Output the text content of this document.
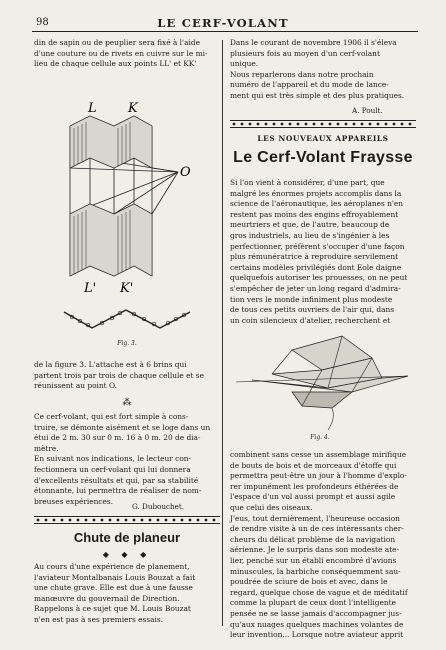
98	LE CERF-VOLANT
din de sapin ou de peuplier sera fixé à l'aide
d'une couture ou de rivets en cuivre sur le mi-
lieu de chaque cellule aux points LL' et KK'
L K
O
L' K'
Fig. 3.
de la figure 3. L'attache est à 6 brins qui
partent trois par trois de chaque cellule et se
réunissent au point O.
⁂
Ce cerf-volant, qui est fort simple à cons-
truire, se démonte aisément et se loge dans un
étui de 2 m. 30 sur 0 m. 16 à 0 m. 20 de dia-
mètre.
En suivant nos indications, le lecteur con-
fectionnera un cerf-volant qui lui donnera
d'excellents résultats et qui, par sa stabilité
étonnante, lui permettra de réaliser de nom-
breuses expériences.
G. Dubouchet.
Chute de planeur
◆ ◆ ◆
Au cours d'une expérience de planement,
l'aviateur Montalbanais Louis Bouzat a fait
une chute grave. Elle est due à une fausse
manœuvre du gouvernail de Direction.
Rappelons à ce sujet que M. Louis Bouzat
n'en est pas à ses premiers essais.
Dans le courant de novembre 1906 il s'éleva
plusieurs fois au moyen d'un cerf-volant
unique.
Nous reparlerons dans notre prochain
numéro de l'appareil et du mode de lance-
ment qui est très simple et des plus pratiques.
A. Poult.
LES NOUVEAUX APPAREILS
Le Cerf-Volant Fraysse
Si l'on vient à considérer, d'une part, que
malgré les énormes projets accomplis dans la
science de l'aéronautique, les aéroplanes n'en
restent pas moins des engins effroyablement
meurtriers et que, de l'autre, beaucoup de
gros industriels, au lieu de s'ingénier à les
perfectionner, préfèrent s'occuper d'une façon
plus rémunératrice à reproduire servilement
certains modèles privilégiés dont Eole daigne
quelquefois autoriser les prouesses, on ne peut
s'empêcher de jeter un long regard d'admira-
tion vers le monde infiniment plus modeste
de tous ces petits ouvriers de l'air qui, dans
un coin silencieux d'atelier, recherchent et
Fig. 4.
combinent sans cesse un assemblage mirifique
de bouts de bois et de morceaux d'étoffe qui
permettra peut-être un jour à l'homme d'explo-
rer impunément les profondeurs éthérées de
l'espace d'un vol aussi prompt et aussi agile
que celui des oiseaux.
J'eus, tout dernièrement, l'heureuse occasion
de rendre visite à un de ces intéressants cher-
cheurs du délicat problème de la navigation
aérienne. Je le surpris dans son modeste ate-
lier, penché sur un établi encombré d'avions
minuscules, la barbiche conséquemment sau-
poudrée de sciure de bois et avec, dans le
regard, quelque chose de vague et de méditatif
comme la plupart de ceux dont l'intelligente
pensée ne se lasse jamais d'accompagner jus-
qu'aux nuages quelques machines volantes de
leur invention... Lorsque notre aviateur apprit
